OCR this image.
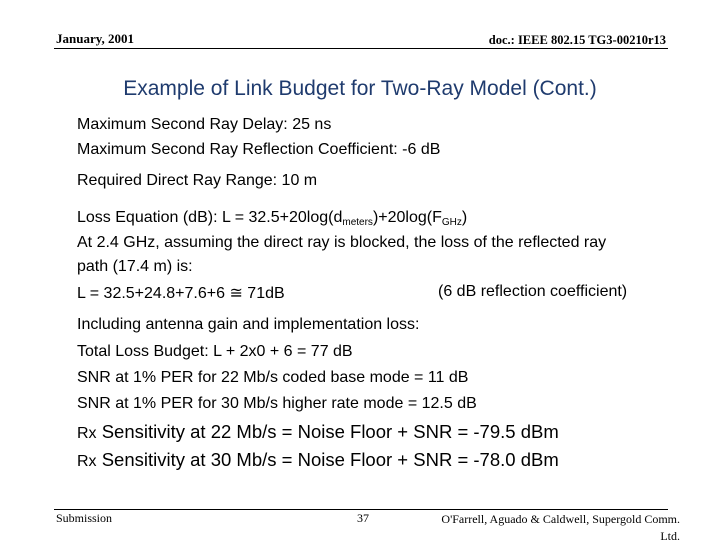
January, 2001	doc.: IEEE 802.15 TG3-00210r13
Example of Link Budget for Two-Ray Model (Cont.)
Maximum Second Ray Delay: 25 ns
Maximum Second Ray Reflection Coefficient: -6 dB
Required Direct Ray Range: 10 m
Loss Equation (dB): $L = 32.5+20\log(d_{meters})+20\log(F_{GHz})$
At 2.4 GHz, assuming the direct ray is blocked, the loss of the reflected ray
path (17.4 m) is:
L = 32.5+24.8+7.6+6 ≅ 71dB	(6 dB reflection coefficient)
Including antenna gain and implementation loss:
Total Loss Budget: L + 2x0 + 6 = 77 dB
SNR at 1% PER for 22 Mb/s coded base mode = 11 dB
SNR at 1% PER for 30 Mb/s higher rate mode = 12.5 dB
Rx Sensitivity at 22 Mb/s = Noise Floor + SNR = -79.5 dBm
Rx Sensitivity at 30 Mb/s = Noise Floor + SNR = -78.0 dBm
Submission	37	O'Farrell, Aguado & Caldwell, Supergold Comm.
Ltd.
